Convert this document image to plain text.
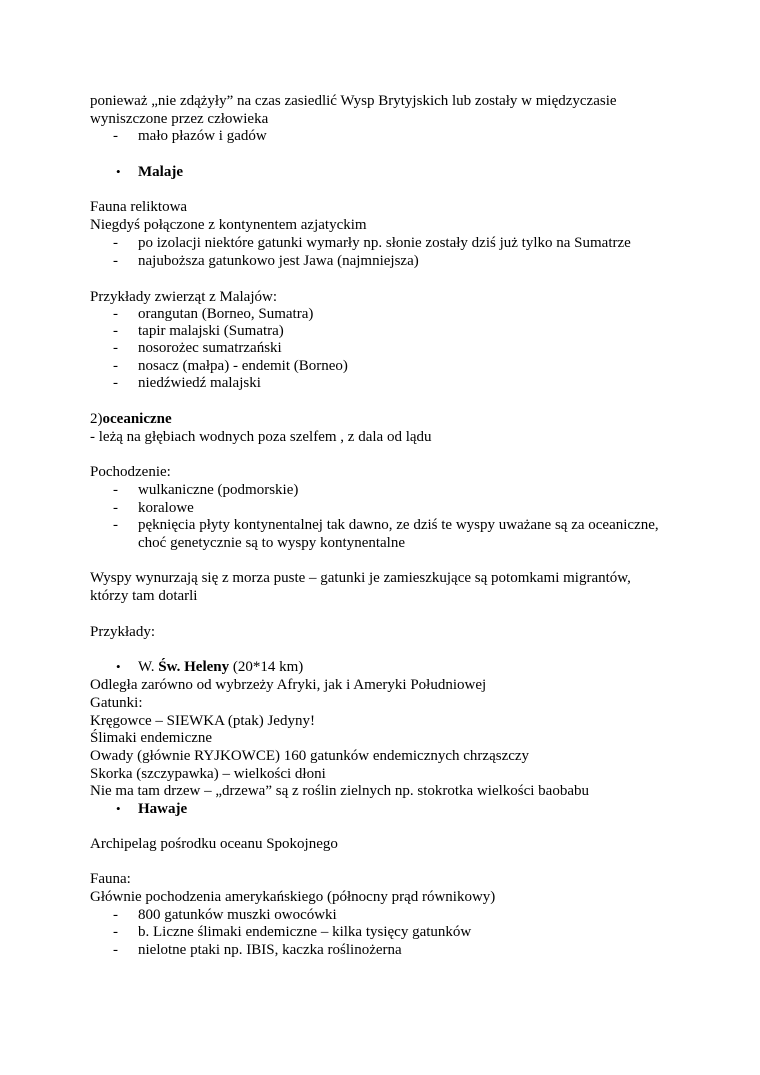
ponieważ „nie zdążyły” na czas zasiedlić Wysp Brytyjskich lub zostały w międzyczasie
wyniszczone przez człowieka
- mało płazów i gadów
• Malaje
Fauna reliktowa
Niegdyś połączone z kontynentem azjatyckim
- po izolacji niektóre gatunki wymarły np. słonie zostały dziś już tylko na Sumatrze
- najuboższa gatunkowo jest Jawa (najmniejsza)
Przykłady zwierząt z Malajów:
- orangutan (Borneo, Sumatra)
- tapir malajski (Sumatra)
- nosorożec sumatrzański
- nosacz (małpa) - endemit (Borneo)
- niedźwiedź malajski
2)oceaniczne
- leżą na głębiach wodnych poza szelfem , z dala od lądu
Pochodzenie:
- wulkaniczne (podmorskie)
- koralowe
- pęknięcia płyty kontynentalnej tak dawno, ze dziś te wyspy uważane są za oceaniczne,
choć genetycznie są to wyspy kontynentalne
Wyspy wynurzają się z morza puste – gatunki je zamieszkujące są potomkami migrantów,
którzy tam dotarli
Przykłady:
• W. Św. Heleny (20*14 km)
Odległa zarówno od wybrzeży Afryki, jak i Ameryki Południowej
Gatunki:
Kręgowce – SIEWKA (ptak) Jedyny!
Ślimaki endemiczne
Owady (głównie RYJKOWCE) 160 gatunków endemicznych chrząszczy
Skorka (szczypawka) – wielkości dłoni
Nie ma tam drzew – „drzewa” są z roślin zielnych np. stokrotka wielkości baobabu
• Hawaje
Archipelag pośrodku oceanu Spokojnego
Fauna:
Głównie pochodzenia amerykańskiego (północny prąd równikowy)
- 800 gatunków muszki owocówki
- b. Liczne ślimaki endemiczne – kilka tysięcy gatunków
- nielotne ptaki np. IBIS, kaczka roślinożerna
